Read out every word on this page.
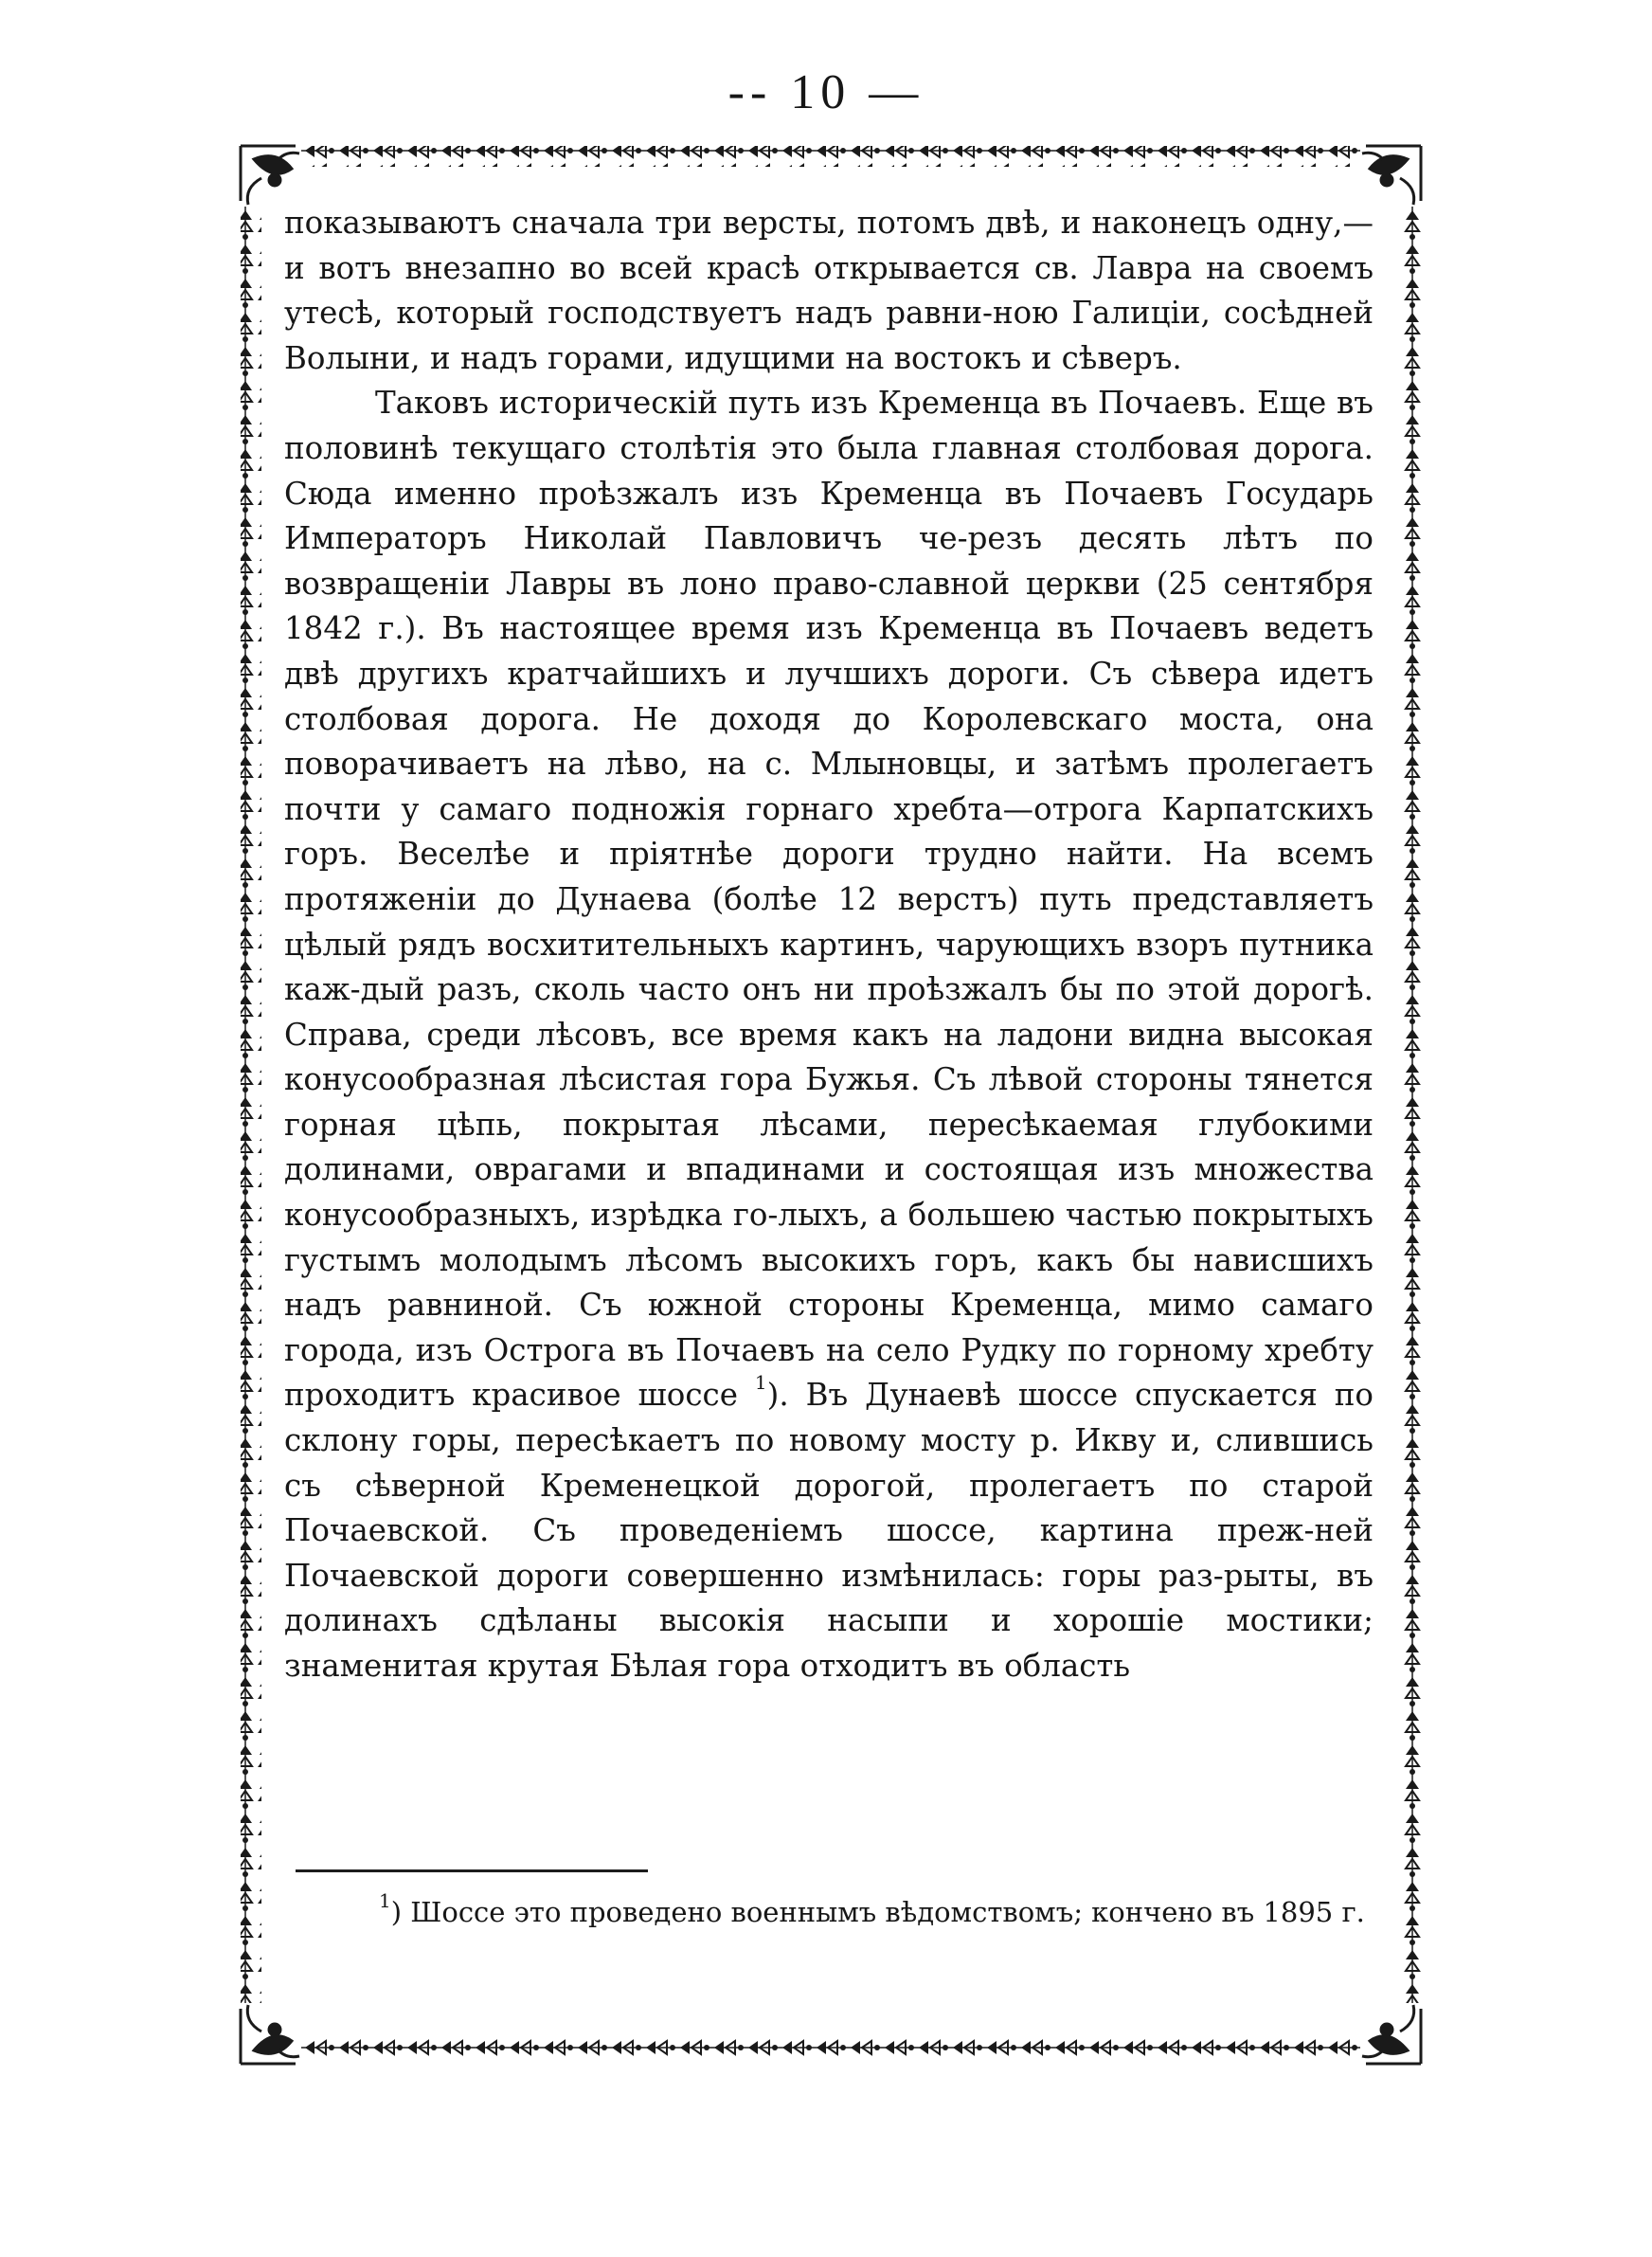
-- 10 —

показываютъ сначала три версты, потомъ двѣ, и наконецъ одну,—и вотъ внезапно во всей красѣ открывается св. Лавра на своемъ утесѣ, который господствуетъ надъ равни-ною Галиціи, сосѣдней Волыни, и надъ горами, идущими на востокъ и сѣверъ.

Таковъ историческій путь изъ Кременца въ Почаевъ. Еще въ половинѣ текущаго столѣтія это была главная столбовая дорога. Сюда именно проѣзжалъ изъ Кременца въ Почаевъ Государь Императоръ Николай Павловичъ че-резъ десять лѣтъ по возвращеніи Лавры въ лоно право-славной церкви (25 сентября 1842 г.). Въ настоящее время изъ Кременца въ Почаевъ ведетъ двѣ другихъ кратчайшихъ и лучшихъ дороги. Съ сѣвера идетъ столбовая дорога. Не доходя до Королевскаго моста, она поворачиваетъ на лѣво, на с. Млыновцы, и затѣмъ пролегаетъ почти у самаго подножія горнаго хребта—отрога Карпатскихъ горъ. Веселѣе и пріятнѣе дороги трудно найти. На всемъ протяженіи до Дунаева (болѣе 12 верстъ) путь представляетъ цѣлый рядъ восхитительныхъ картинъ, чарующихъ взоръ путника каж-дый разъ, сколь часто онъ ни проѣзжалъ бы по этой дорогѣ. Справа, среди лѣсовъ, все время какъ на ладони видна высокая конусообразная лѣсистая гора Бужья. Съ лѣвой стороны тянется горная цѣпь, покрытая лѣсами, пересѣкаемая глубокими долинами, оврагами и впадинами и состоящая изъ множества конусообразныхъ, изрѣдка го-лыхъ, а большею частью покрытыхъ густымъ молодымъ лѣсомъ высокихъ горъ, какъ бы нависшихъ надъ равниной. Съ южной стороны Кременца, мимо самаго города, изъ Острога въ Почаевъ на село Рудку по горному хребту проходитъ красивое шоссе $^1$). Въ Дунаевѣ шоссе спускается по склону горы, пересѣкаетъ по новому мосту р. Икву и, слившись съ сѣверной Кременецкой дорогой, пролегаетъ по старой Почаевской. Съ проведеніемъ шоссе, картина преж-ней Почаевской дороги совершенно измѣнилась: горы раз-рыты, въ долинахъ сдѣланы высокія насыпи и хорошіе мостики; знаменитая крутая Бѣлая гора отходитъ въ область

$^1$) Шоссе это проведено военнымъ вѣдомствомъ; кончено въ 1895 г.
